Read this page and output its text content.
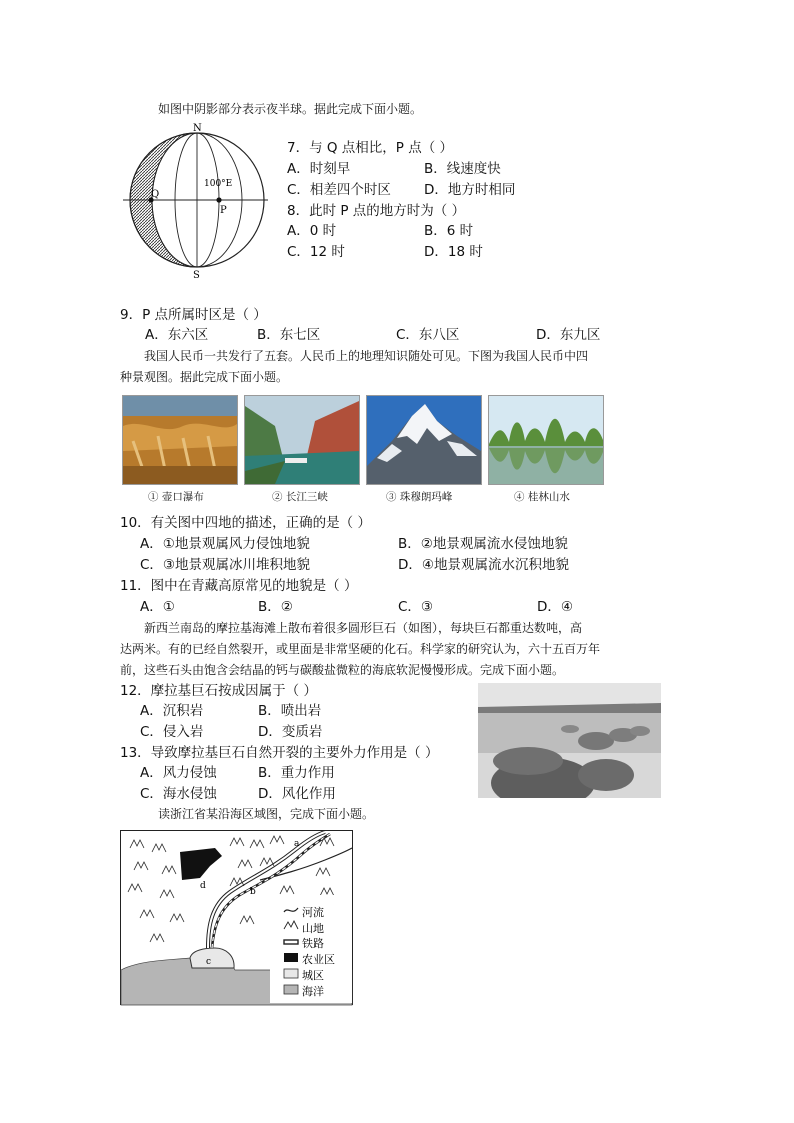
如图中阴影部分表示夜半球。据此完成下面小题。
N
S
Q
P
100°E
7．与 Q 点相比，P 点（ ）
A．时刻早	B．线速度快
C．相差四个时区 D．地方时相同
8．此时 P 点的地方时为（ ）
A．0 时	B．6 时
C．12 时	D．18 时
9．P 点所属时区是（ ）
A．东六区	B．东七区	C．东八区	D．东九区
我国人民币一共发行了五套。人民币上的地理知识随处可见。下图为我国人民币中四
种景观图。据此完成下面小题。
① 壶口瀑布	② 长江三峡	③ 珠穆朗玛峰	④ 桂林山水
10．有关图中四地的描述，正确的是（ ）
A．①地景观属风力侵蚀地貌	B．②地景观属流水侵蚀地貌
C．③地景观属冰川堆积地貌	D．④地景观属流水沉积地貌
11．图中在青藏高原常见的地貌是（ ）
A．①	B．②	C．③	D．④
新西兰南岛的摩拉基海滩上散布着很多圆形巨石（如图），每块巨石都重达数吨，高
达两米。有的已经自然裂开，或里面是非常坚硬的化石。科学家的研究认为，六十五百万年
前，这些石头由饱含会结晶的钙与碳酸盐微粒的海底软泥慢慢形成。完成下面小题。
12．摩拉基巨石按成因属于（ ）
A．沉积岩	B．喷出岩
C．侵入岩	D．变质岩
13．导致摩拉基巨石自然开裂的主要外力作用是（ ）
A．风力侵蚀	B．重力作用
C．海水侵蚀	D．风化作用
读浙江省某沿海区域图，完成下面小题。
c
d
a
b
河流
山地
铁路
农业区
城区
海洋
